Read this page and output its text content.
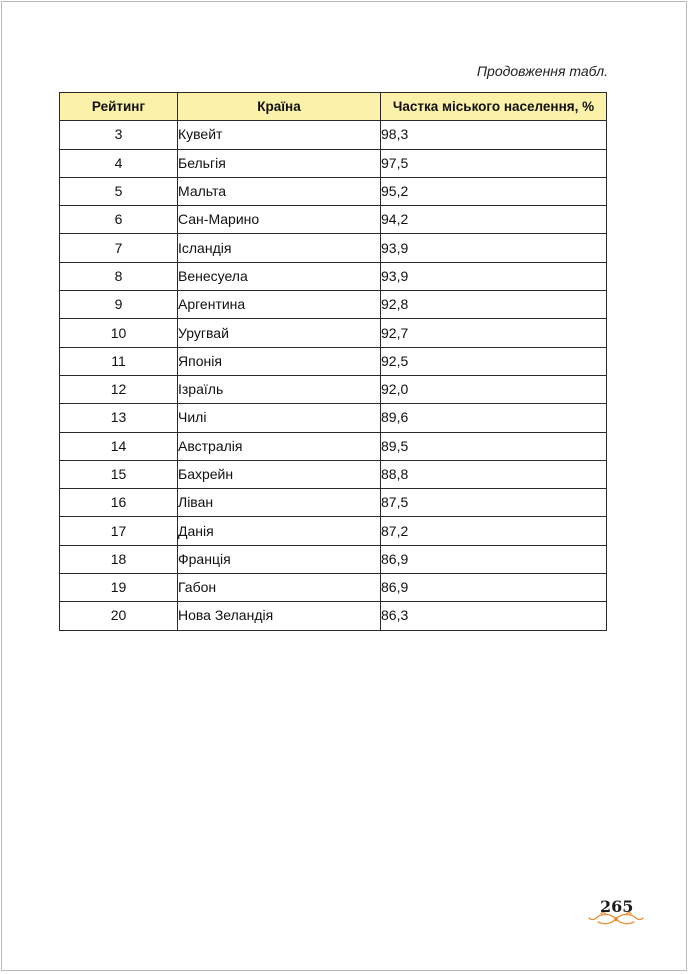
Продовження табл.
Рейтинг	Країна	Частка міського населення, %
3	Кувейт	98,3
4	Бельгія	97,5
5	Мальта	95,2
6	Сан-Марино	94,2
7	Ісландія	93,9
8	Венесуела	93,9
9	Аргентина	92,8
10	Уругвай	92,7
11	Японія	92,5
12	Ізраїль	92,0
13	Чилі	89,6
14	Австралія	89,5
15	Бахрейн	88,8
16	Ліван	87,5
17	Данія	87,2
18	Франція	86,9
19	Габон	86,9
20	Нова Зеландія	86,3
265
